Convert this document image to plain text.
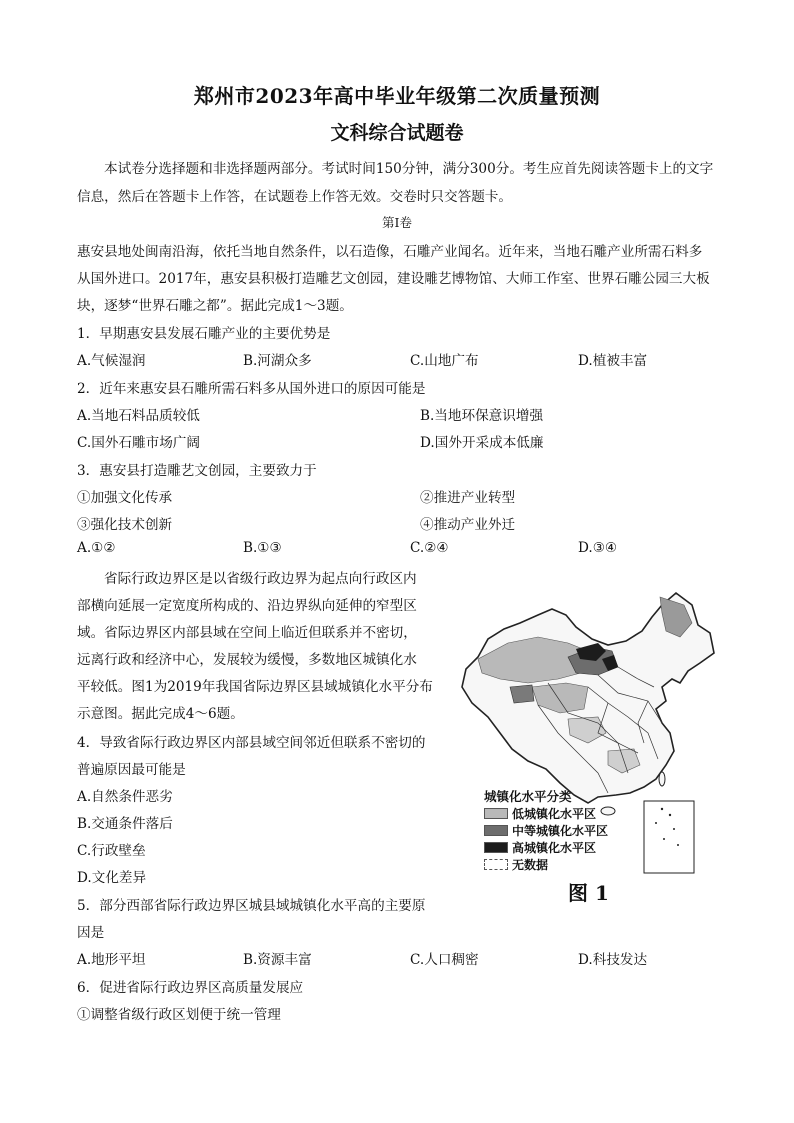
郑州市2023年高中毕业年级第二次质量预测
文科综合试题卷
本试卷分选择题和非选择题两部分。考试时间150分钟，满分300分。考生应首先阅读答题卡上的文字
信息，然后在答题卡上作答，在试题卷上作答无效。交卷时只交答题卡。
第Ⅰ卷
惠安县地处闽南沿海，依托当地自然条件，以石造像，石雕产业闻名。近年来，当地石雕产业所需石料多
从国外进口。2017年，惠安县积极打造雕艺文创园，建设雕艺博物馆、大师工作室、世界石雕公园三大板
块，逐梦“世界石雕之都”。据此完成1～3题。
1．早期惠安县发展石雕产业的主要优势是
A.气候湿润	B.河湖众多	C.山地广布	D.植被丰富
2．近年来惠安县石雕所需石料多从国外进口的原因可能是
A.当地石料品质较低	B.当地环保意识增强
C.国外石雕市场广阔	D.国外开采成本低廉
3．惠安县打造雕艺文创园，主要致力于
①加强文化传承	②推进产业转型
③强化技术创新	④推动产业外迁
A.①②	B.①③	C.②④	D.③④
省际行政边界区是以省级行政边界为起点向行政区内
部横向延展一定宽度所构成的、沿边界纵向延伸的窄型区
域。省际边界区内部县域在空间上临近但联系并不密切，
远离行政和经济中心，发展较为缓慢，多数地区城镇化水
平较低。图1为2019年我国省际边界区县域城镇化水平分布
示意图。据此完成4～6题。
4．导致省际行政边界区内部县域空间邻近但联系不密切的
普遍原因最可能是
A.自然条件恶劣
B.交通条件落后
C.行政壁垒
D.文化差异
5．部分西部省际行政边界区城县域城镇化水平高的主要原
因是
A.地形平坦	B.资源丰富	C.人口稠密	D.科技发达
6．促进省际行政边界区高质量发展应
①调整省级行政区划便于统一管理
城镇化水平分类
低城镇化水平区
中等城镇化水平区
高城镇化水平区
无数据
图 1
